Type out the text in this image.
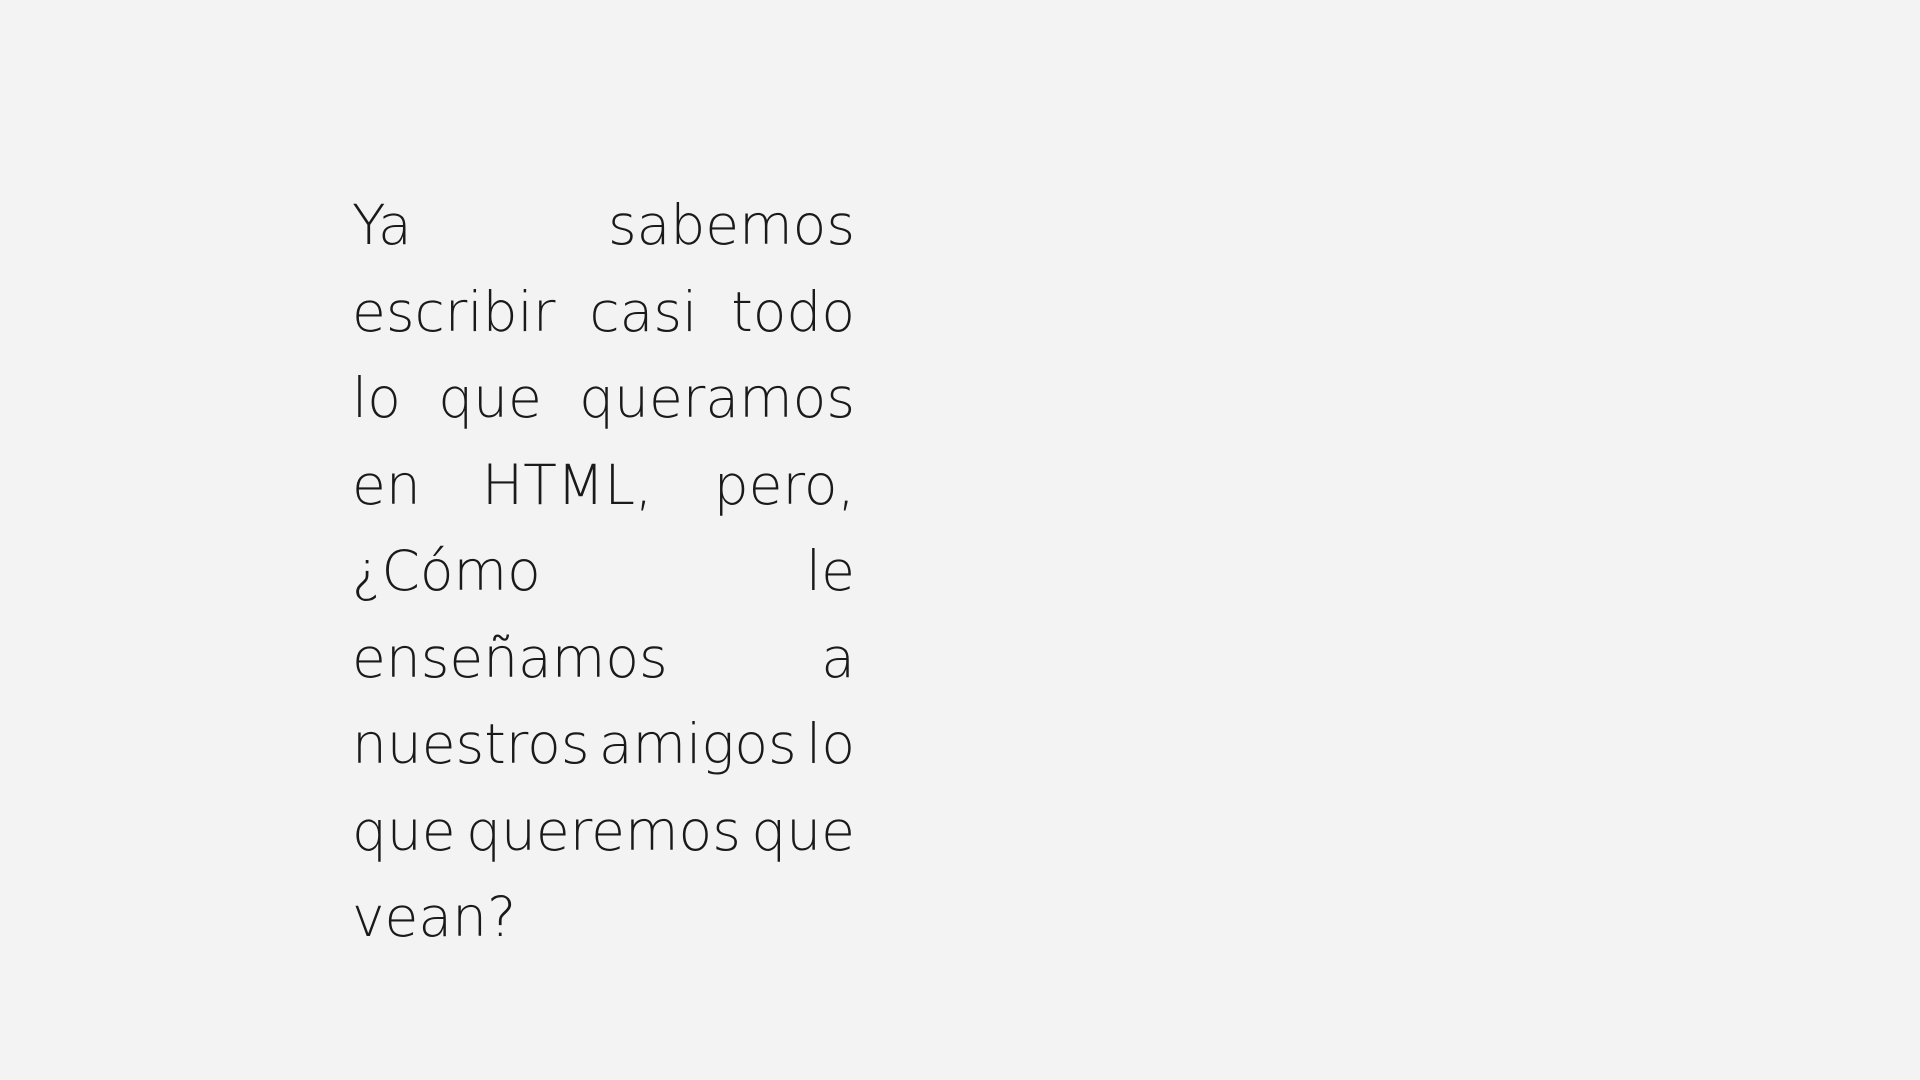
Ya	sabemos
escribir casi todo
lo que queramos
en HTML, pero,
¿Cómo	le
enseñamos	a
nuestros amigos lo
que queremos que
vean?
